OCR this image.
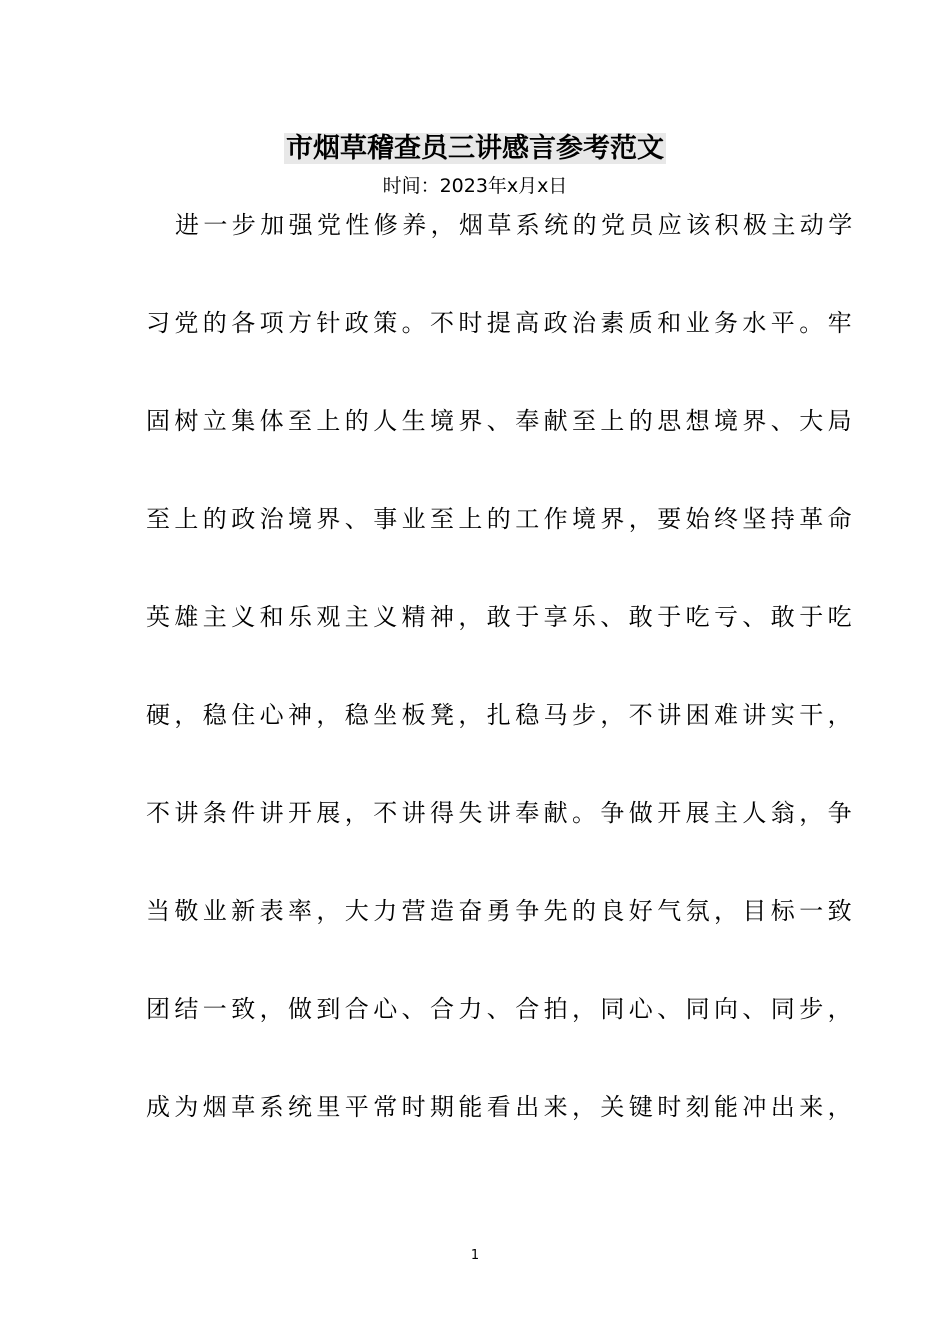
市烟草稽查员三讲感言参考范文
时间：2023年x月x日
进一步加强党性修养，烟草系统的党员应该积极主动学
习党的各项方针政策。不时提高政治素质和业务水平。牢
固树立集体至上的人生境界、奉献至上的思想境界、大局
至上的政治境界、事业至上的工作境界，要始终坚持革命
英雄主义和乐观主义精神，敢于享乐、敢于吃亏、敢于吃
硬，稳住心神，稳坐板凳，扎稳马步，不讲困难讲实干，
不讲条件讲开展，不讲得失讲奉献。争做开展主人翁，争
当敬业新表率，大力营造奋勇争先的良好气氛，目标一致
团结一致，做到合心、合力、合拍，同心、同向、同步，
成为烟草系统里平常时期能看出来，关键时刻能冲出来，
1
